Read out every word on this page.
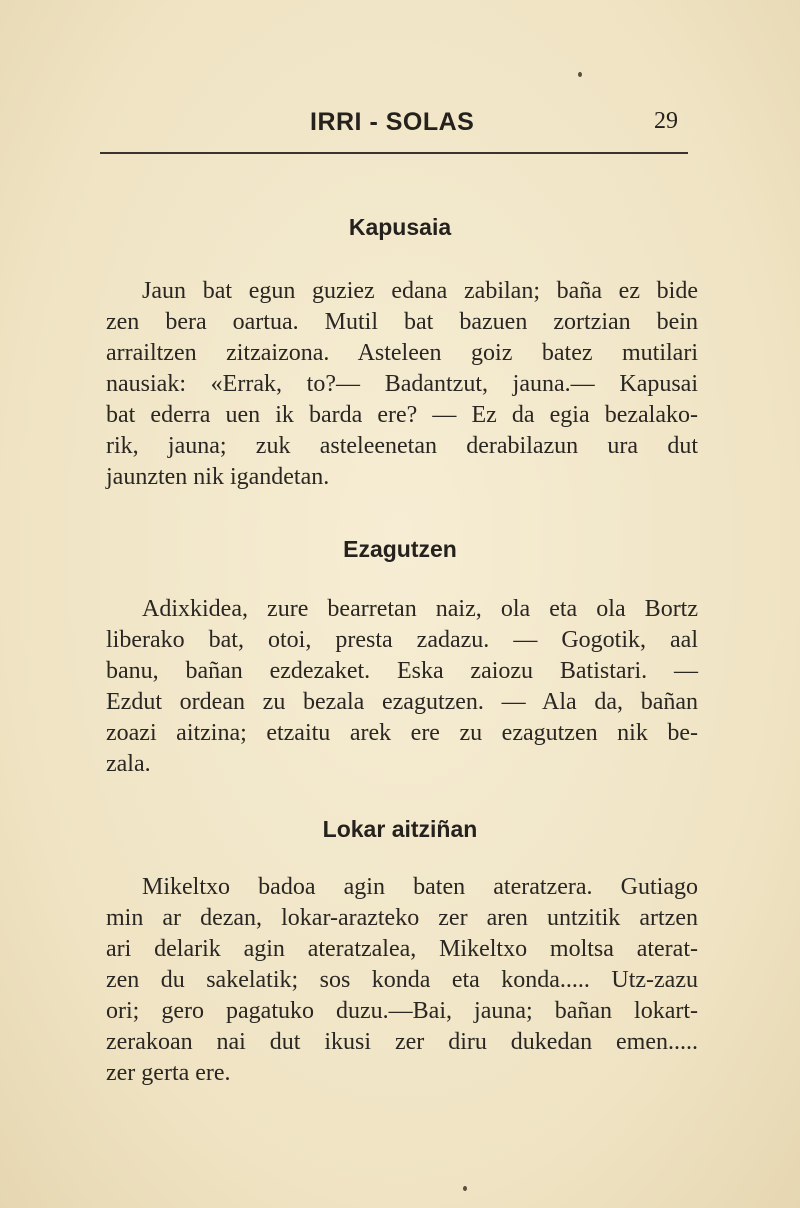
IRRI - SOLAS	29
Kapusaia
Jaun bat egun guziez edana zabilan; baña ez bide
zen bera oartua. Mutil bat bazuen zortzian bein
arrailtzen zitzaizona. Asteleen goiz batez mutilari
nausiak: «Errak, to?— Badantzut, jauna.— Kapusai
bat ederra uen ik barda ere? — Ez da egia bezalako-
rik, jauna; zuk asteleenetan derabilazun ura dut
jaunzten nik igandetan.
Ezagutzen
Adixkidea, zure bearretan naiz, ola eta ola Bortz
liberako bat, otoi, presta zadazu. — Gogotik, aal
banu, bañan ezdezaket. Eska zaiozu Batistari. —
Ezdut ordean zu bezala ezagutzen. — Ala da, bañan
zoazi aitzina; etzaitu arek ere zu ezagutzen nik be-
zala.
Lokar aitziñan
Mikeltxo badoa agin baten ateratzera. Gutiago
min ar dezan, lokar-arazteko zer aren untzitik artzen
ari delarik agin ateratzalea, Mikeltxo moltsa aterat-
zen du sakelatik; sos konda eta konda..... Utz-zazu
ori; gero pagatuko duzu.—Bai, jauna; bañan lokart-
zerakoan nai dut ikusi zer diru dukedan emen.....
zer gerta ere.
